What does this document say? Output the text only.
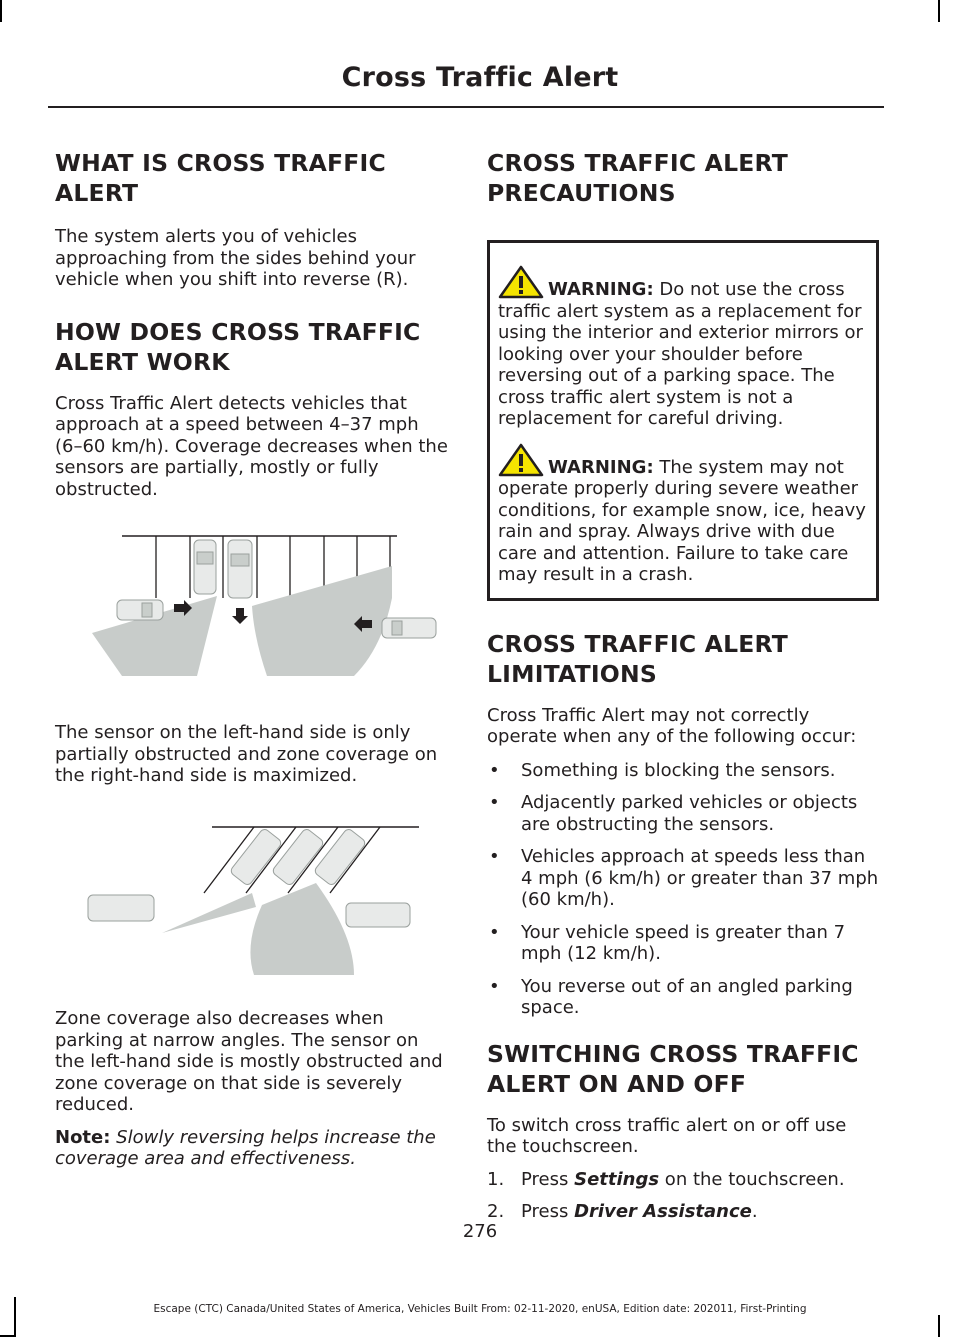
Cross Traffic Alert
WHAT IS CROSS TRAFFIC ALERT

The system alerts you of vehicles approaching from the sides behind your vehicle when you shift into reverse (R).

HOW DOES CROSS TRAFFIC ALERT WORK

Cross Traffic Alert detects vehicles that approach at a speed between 4–37 mph (6–60 km/h). Coverage decreases when the sensors are partially, mostly or fully obstructed.

The sensor on the left-hand side is only partially obstructed and zone coverage on the right-hand side is maximized.

Zone coverage also decreases when parking at narrow angles. The sensor on the left-hand side is mostly obstructed and zone coverage on that side is severely reduced.

Note: Slowly reversing helps increase the coverage area and effectiveness.

CROSS TRAFFIC ALERT PRECAUTIONS

WARNING: Do not use the cross traffic alert system as a replacement for using the interior and exterior mirrors or looking over your shoulder before reversing out of a parking space. The cross traffic alert system is not a replacement for careful driving.

WARNING: The system may not operate properly during severe weather conditions, for example snow, ice, heavy rain and spray. Always drive with due care and attention. Failure to take care may result in a crash.

CROSS TRAFFIC ALERT LIMITATIONS

Cross Traffic Alert may not correctly operate when any of the following occur:

• Something is blocking the sensors.
• Adjacently parked vehicles or objects are obstructing the sensors.
• Vehicles approach at speeds less than 4 mph (6 km/h) or greater than 37 mph (60 km/h).
• Your vehicle speed is greater than 7 mph (12 km/h).
• You reverse out of an angled parking space.
SWITCHING CROSS TRAFFIC ALERT ON AND OFF

To switch cross traffic alert on or off use the touchscreen.

1. Press Settings on the touchscreen.
2. Press Driver Assistance.
276
Escape (CTC) Canada/United States of America, Vehicles Built From: 02-11-2020, enUSA, Edition date: 202011, First-Printing
